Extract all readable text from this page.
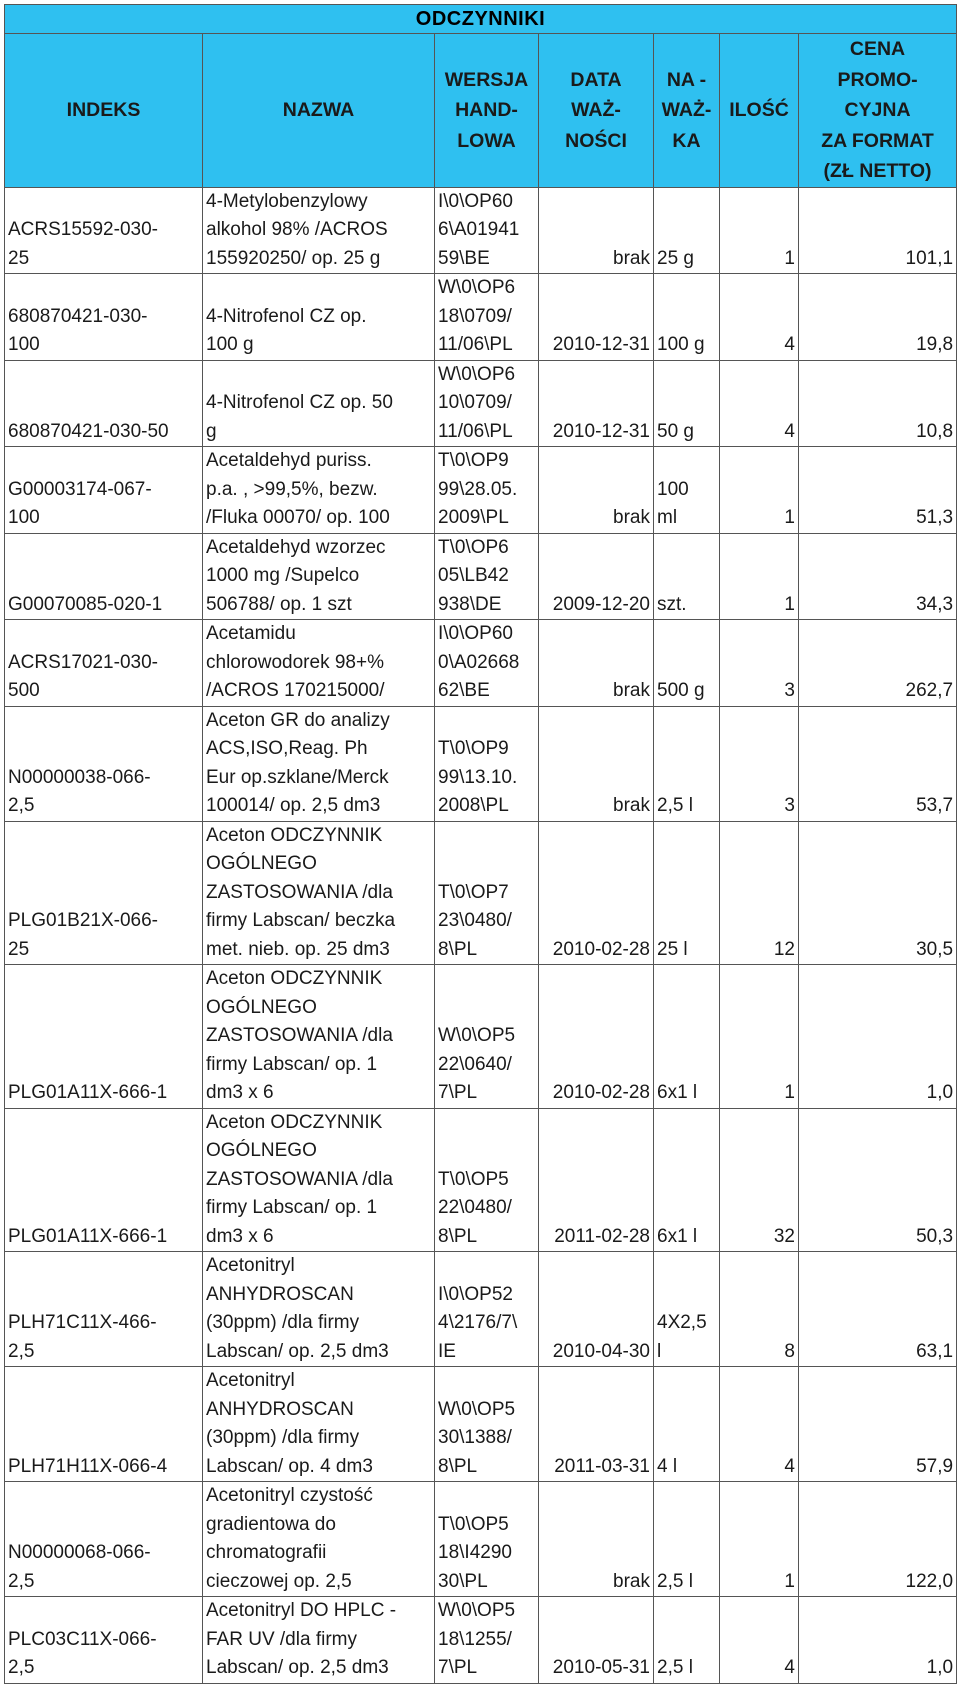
ODCZYNNIKI						
INDEKS	NAZWA	WERSJA
HAND-
LOWA	DATA
WAŻ-
NOŚCI	NA -
WAŻ-
KA	ILOŚĆ	CENA
PROMO-
CYJNA
ZA FORMAT
(ZŁ NETTO)
ACRS15592-030-
25	4-Metylobenzylowy
alkohol 98% /ACROS
155920250/ op. 25 g	I\0\OP60
6\A01941
59\BE	brak	25 g	1	101,1
680870421-030-
100	4-Nitrofenol CZ op.
100 g	W\0\OP6
18\0709/
11/06\PL	2010-12-31	100 g	4	19,8
680870421-030-50	4-Nitrofenol CZ op. 50
g	W\0\OP6
10\0709/
11/06\PL	2010-12-31	50 g	4	10,8
G00003174-067-
100	Acetaldehyd puriss.
p.a. , >99,5%, bezw.
/Fluka 00070/ op. 100	T\0\OP9
99\28.05.
2009\PL	brak	100
ml	1	51,3
G00070085-020-1	Acetaldehyd wzorzec
1000 mg /Supelco
506788/ op. 1 szt	T\0\OP6
05\LB42
938\DE	2009-12-20	szt.	1	34,3
ACRS17021-030-
500	Acetamidu
chlorowodorek 98+%
/ACROS 170215000/	I\0\OP60
0\A02668
62\BE	brak	500 g	3	262,7
N00000038-066-
2,5	Aceton GR do analizy
ACS,ISO,Reag. Ph
Eur op.szklane/Merck
100014/ op. 2,5 dm3	T\0\OP9
99\13.10.
2008\PL	brak	2,5 l	3	53,7
PLG01B21X-066-
25	Aceton ODCZYNNIK
OGÓLNEGO
ZASTOSOWANIA /dla
firmy Labscan/ beczka
met. nieb. op. 25 dm3	T\0\OP7
23\0480/
8\PL	2010-02-28	25 l	12	30,5
PLG01A11X-666-1	Aceton ODCZYNNIK
OGÓLNEGO
ZASTOSOWANIA /dla
firmy Labscan/ op. 1
dm3 x 6	W\0\OP5
22\0640/
7\PL	2010-02-28	6x1 l	1	1,0
PLG01A11X-666-1	Aceton ODCZYNNIK
OGÓLNEGO
ZASTOSOWANIA /dla
firmy Labscan/ op. 1
dm3 x 6	T\0\OP5
22\0480/
8\PL	2011-02-28	6x1 l	32	50,3
PLH71C11X-466-
2,5	Acetonitryl
ANHYDROSCAN
(30ppm) /dla firmy
Labscan/ op. 2,5 dm3	I\0\OP52
4\2176/7\
IE	2010-04-30	4X2,5
l	8	63,1
PLH71H11X-066-4	Acetonitryl
ANHYDROSCAN
(30ppm) /dla firmy
Labscan/ op. 4 dm3	W\0\OP5
30\1388/
8\PL	2011-03-31	4 l	4	57,9
N00000068-066-
2,5	Acetonitryl czystość
gradientowa do
chromatografii
cieczowej op. 2,5	T\0\OP5
18\I4290
30\PL	brak	2,5 l	1	122,0
PLC03C11X-066-
2,5	Acetonitryl DO HPLC -
FAR UV /dla firmy
Labscan/ op. 2,5 dm3	W\0\OP5
18\1255/
7\PL	2010-05-31	2,5 l	4	1,0
